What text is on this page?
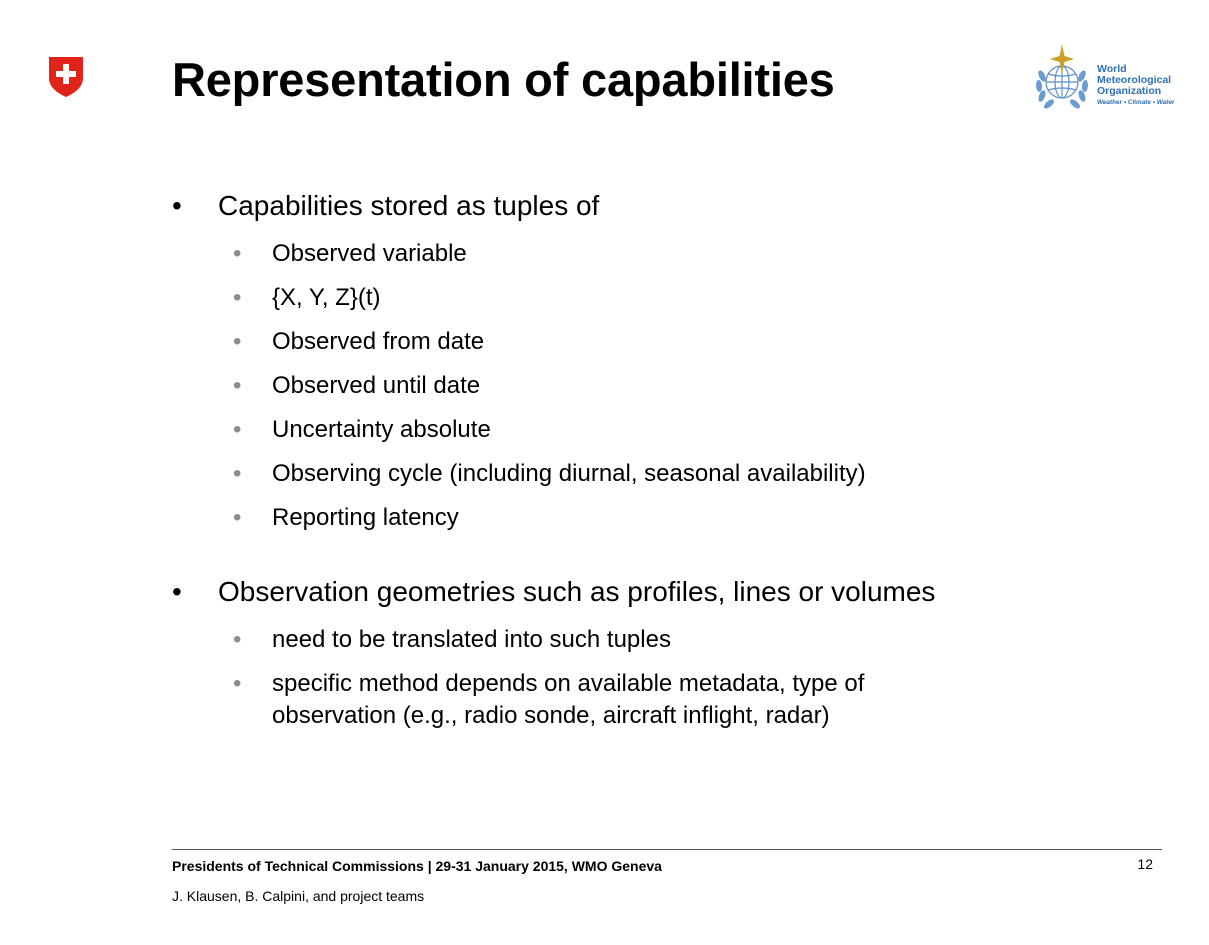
Representation of capabilities	World
Meteorological
Organization
Weather • Climate • Water
• Capabilities stored as tuples of
• Observed variable
• {X, Y, Z}(t)
• Observed from date
• Observed until date
• Uncertainty absolute
• Observing cycle (including diurnal, seasonal availability)
• Reporting latency
• Observation geometries such as profiles, lines or volumes
• need to be translated into such tuples
• specific method depends on available metadata, type of observation (e.g., radio sonde, aircraft inflight, radar)
Presidents of Technical Commissions | 29-31 January 2015, WMO Geneva	12
J. Klausen, B. Calpini, and project teams
